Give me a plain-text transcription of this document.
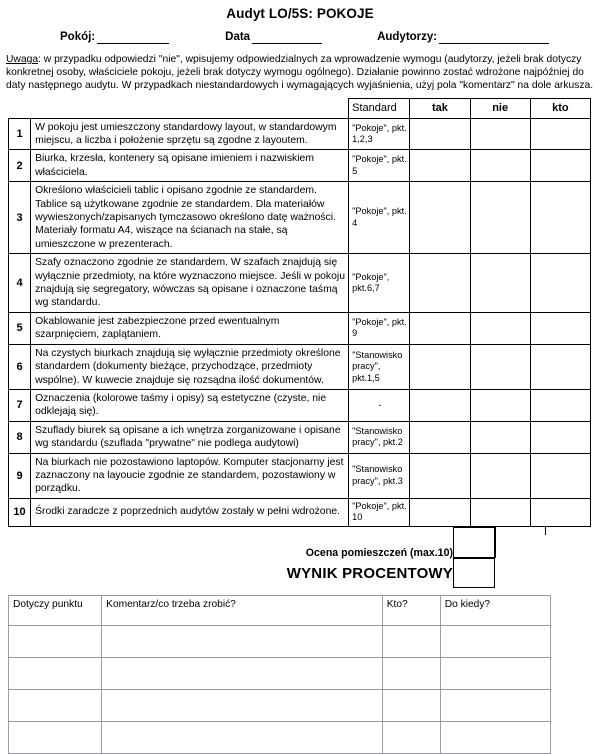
Audyt LO/5S: POKOJE
Pokój:	Data	Audytorzy:
Uwaga: w przypadku odpowiedzi "nie", wpisujemy odpowiedzialnych za wprowadzenie wymogu (audytorzy, jeżeli brak dotyczy konkretnej osoby, właściciele pokoju, jeżeli brak dotyczy wymogu ogólnego). Działanie powinno zostać wdrożone najpóźniej do daty następnego audytu. W przypadkach niestandardowych i wymagających wyjaśnienia, użyj pola "komentarz" na dole arkusza.
		Standard	tak	nie	kto
1	W pokoju jest umieszczony standardowy layout, w standardowym miejscu, a liczba i położenie sprzętu są zgodne z layoutem.	"Pokoje", pkt. 1,2,3			
2	Biurka, krzesła, kontenery są opisane imieniem i nazwiskiem właściciela.	"Pokoje", pkt. 5			
3	Określono właścicieli tablic i opisano zgodnie ze standardem. Tablice są użytkowane zgodnie ze standardem. Dla materiałów wywieszonych/zapisanych tymczasowo określono datę ważności. Materiały formatu A4, wiszące na ścianach na stałe, są umieszczone w prezenterach.	"Pokoje", pkt. 4			
4	Szafy oznaczono zgodnie ze standardem. W szafach znajdują się wyłącznie przedmioty, na które wyznaczono miejsce. Jeśli w pokoju znajdują się segregatory, wówczas są opisane i oznaczone taśmą wg standardu.	"Pokoje", pkt.6,7			
5	Okablowanie jest zabezpieczone przed ewentualnym szarpnięciem, zaplątaniem.	"Pokoje", pkt. 9			
6	Na czystych biurkach znajdują się wyłącznie przedmioty określone standardem (dokumenty bieżące, przychodzące, przedmioty wspólne). W kuwecie znajduje się rozsądna ilość dokumentów.	"Stanowisko pracy", pkt.1,5			
7	Oznaczenia (kolorowe taśmy i opisy) są estetyczne (czyste, nie odklejają się).	-			
8	Szuflady biurek są opisane a ich wnętrza zorganizowane i opisane wg standardu (szuflada "prywatne" nie podlega audytowi)	"Stanowisko pracy", pkt.2			
9	Na biurkach nie pozostawiono laptopów. Komputer stacjonarny jest zaznaczony na layoucie zgodnie ze standardem, pozostawiony w porządku.	"Stanowisko pracy", pkt.3			
10	Środki zaradcze z poprzednich audytów zostały w pełni wdrożone.	"Pokoje", pkt. 10			
Ocena pomieszczeń (max.10)
WYNIK PROCENTOWY
Dotyczy punktu	Komentarz/co trzeba zrobić?	Kto?	Do kiedy?
